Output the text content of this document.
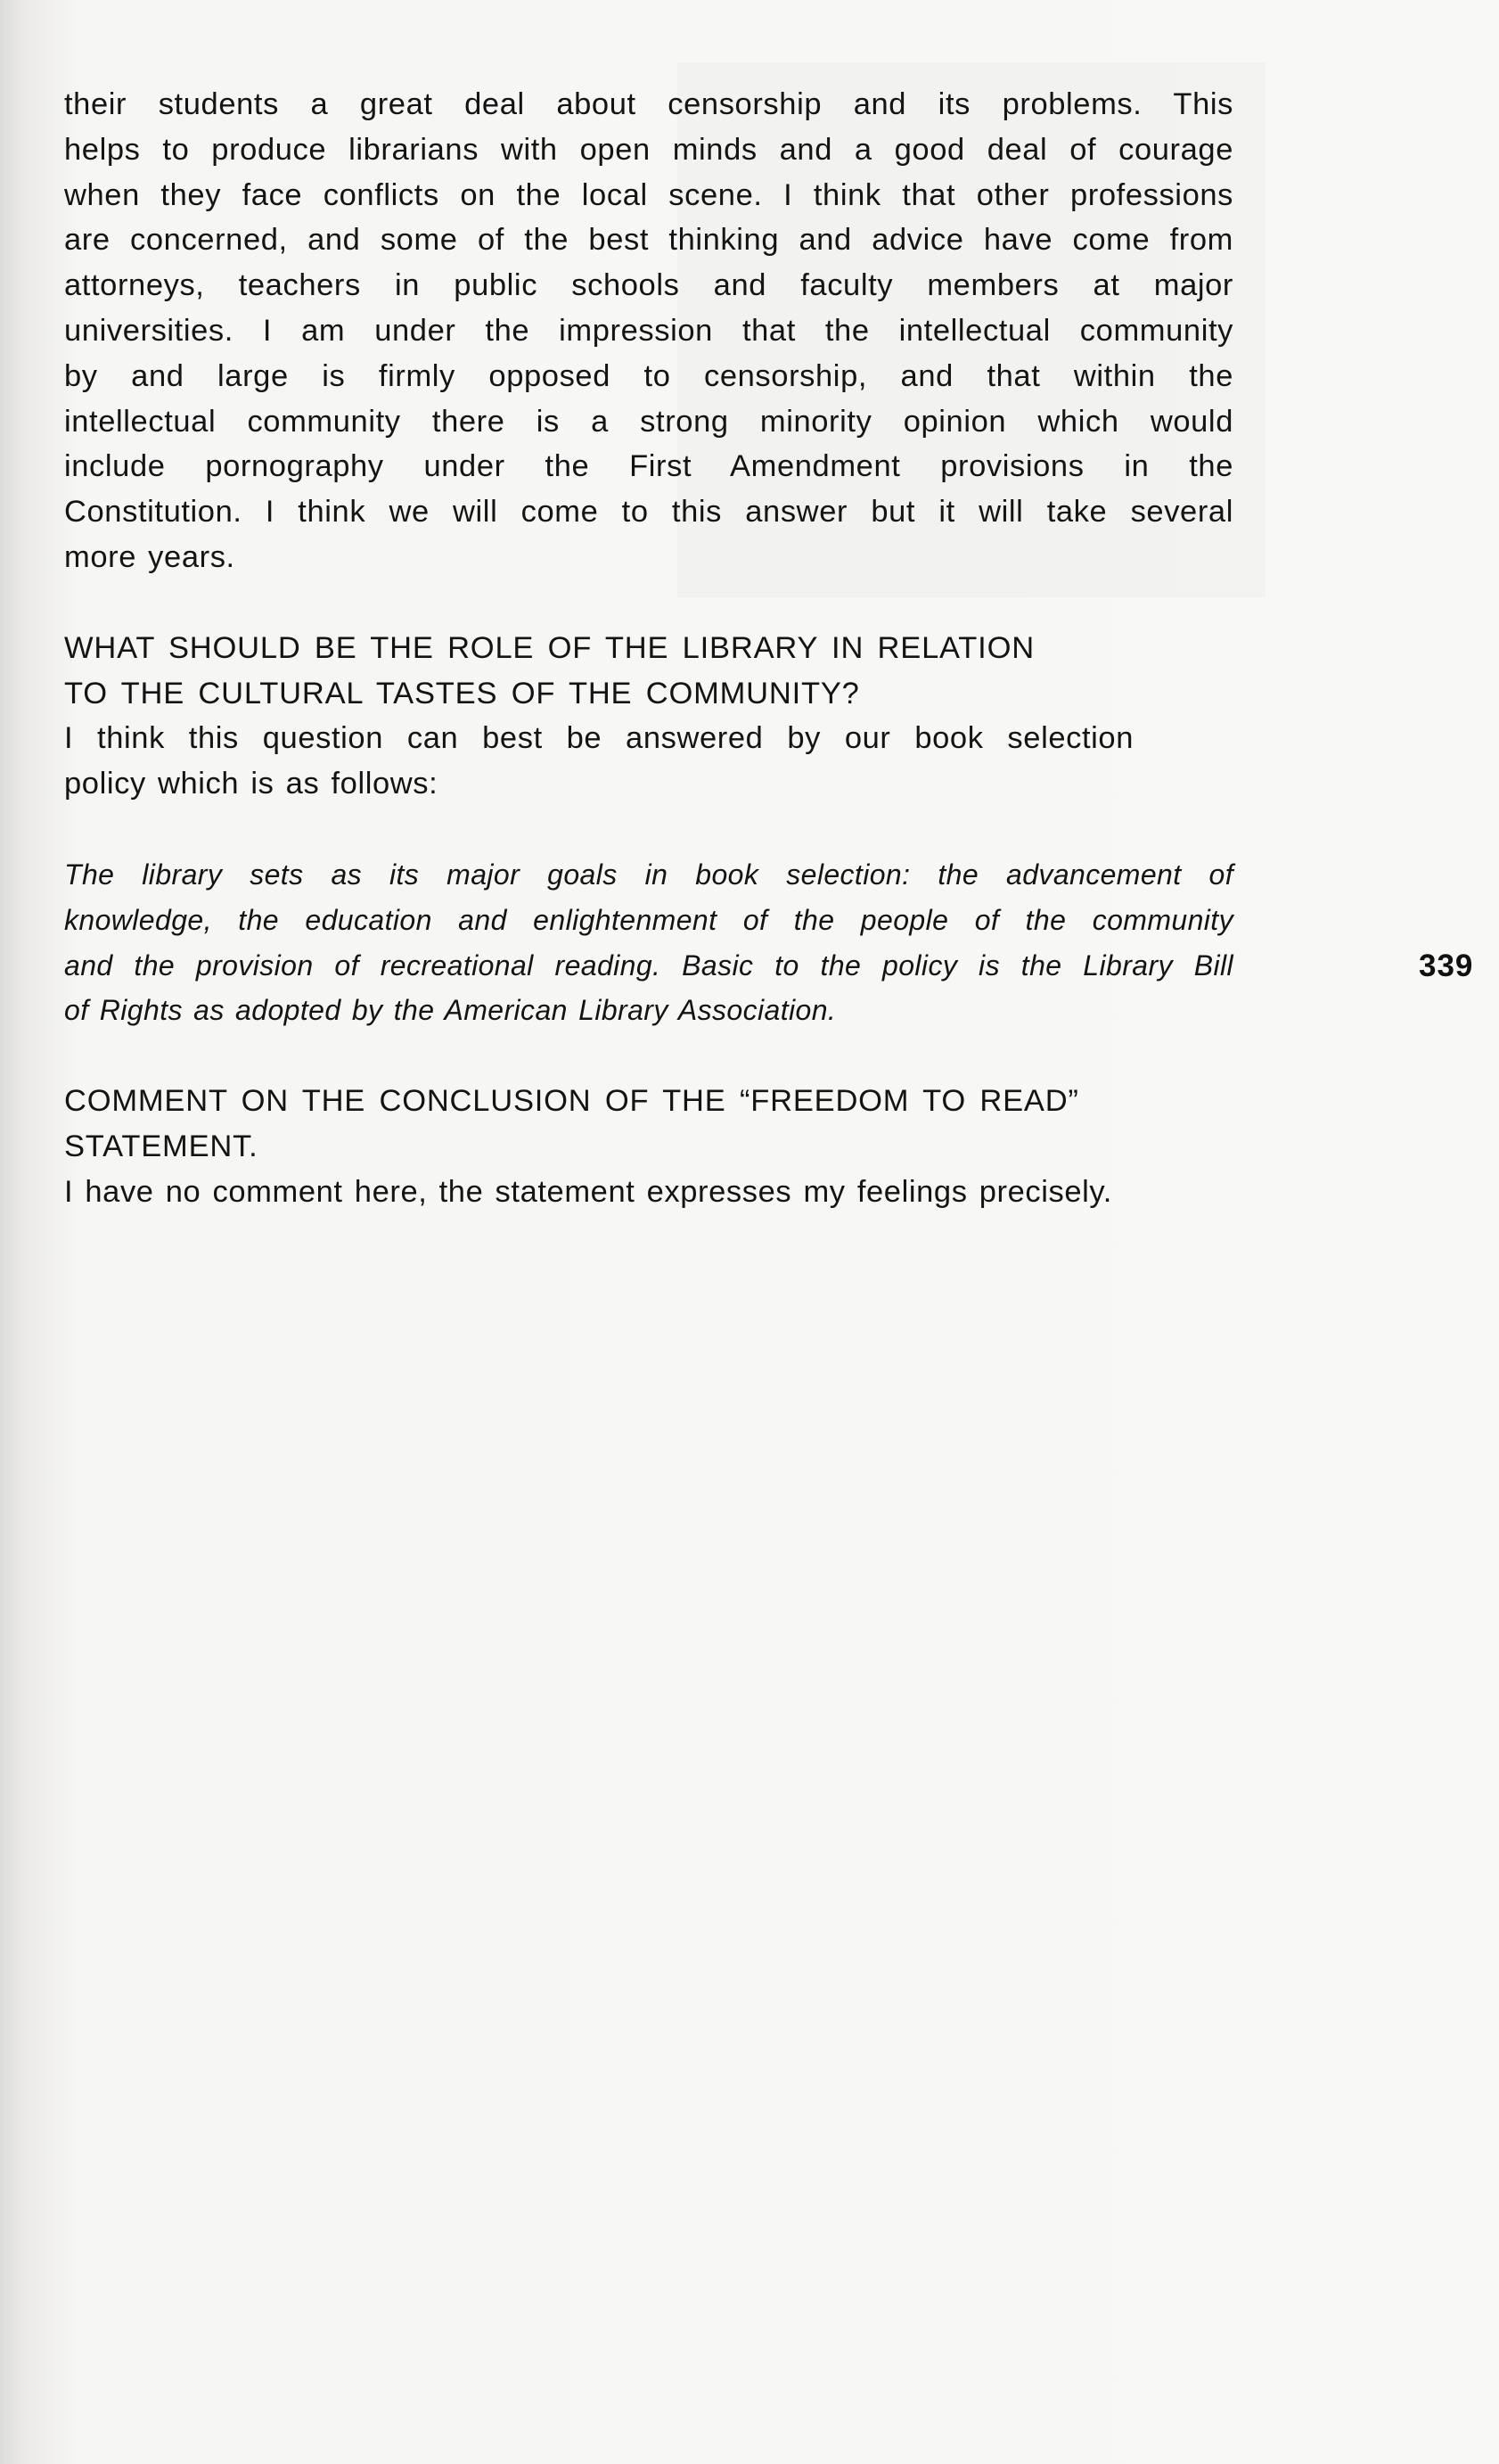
their students a great deal about censorship and its problems. This
helps to produce librarians with open minds and a good deal of courage
when they face conflicts on the local scene. I think that other professions
are concerned, and some of the best thinking and advice have come from
attorneys, teachers in public schools and faculty members at major
universities. I am under the impression that the intellectual community
by and large is firmly opposed to censorship, and that within the
intellectual community there is a strong minority opinion which would
include pornography under the First Amendment provisions in the
Constitution. I think we will come to this answer but it will take several
more years.
WHAT SHOULD BE THE ROLE OF THE LIBRARY IN RELATION
TO THE CULTURAL TASTES OF THE COMMUNITY?
I think this question can best be answered by our book selection
policy which is as follows:
The library sets as its major goals in book selection: the advancement of
knowledge, the education and enlightenment of the people of the community
and the provision of recreational reading. Basic to the policy is the Library Bill
of Rights as adopted by the American Library Association.
COMMENT ON THE CONCLUSION OF THE “FREEDOM TO READ”
STATEMENT.
I have no comment here, the statement expresses my feelings precisely.
339
